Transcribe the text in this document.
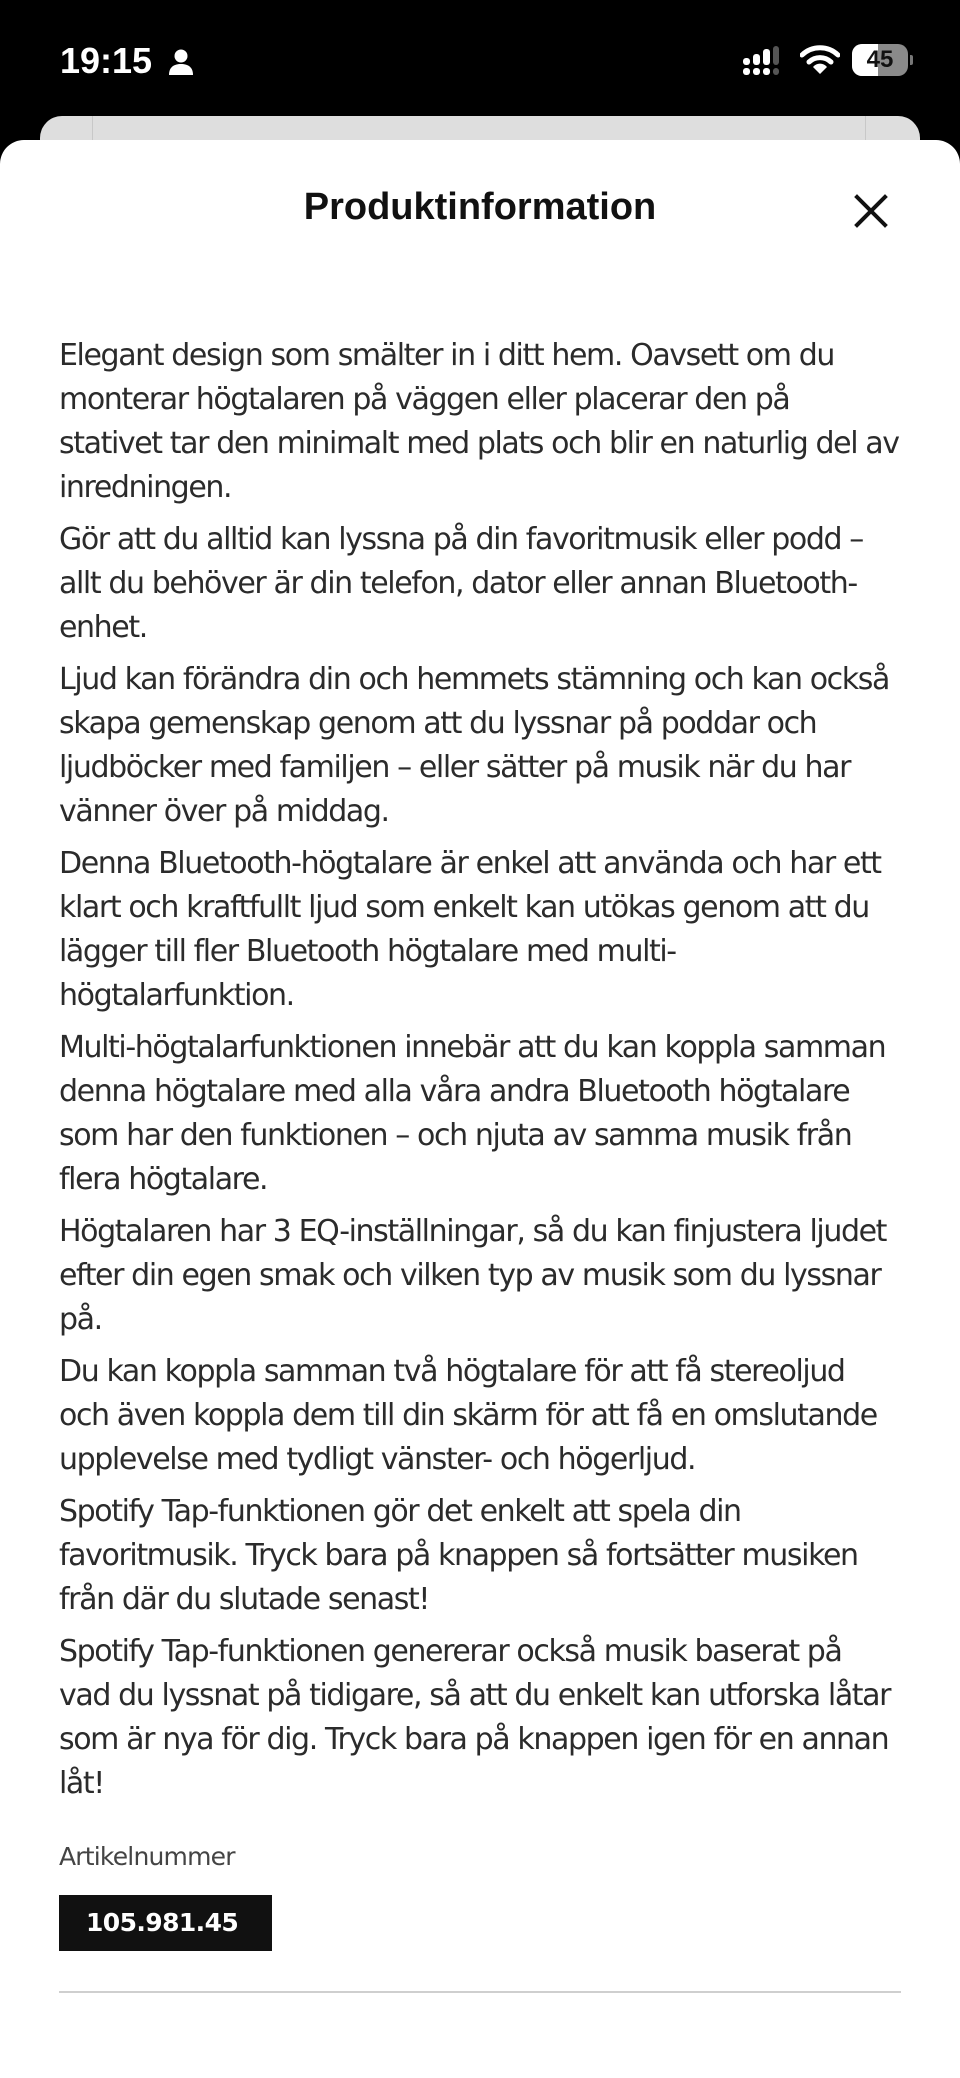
19:15	45
Produktinformation

Elegant design som smälter in i ditt hem. Oavsett om du monterar högtalaren på väggen eller placerar den på stativet tar den minimalt med plats och blir en naturlig del av inredningen.

Gör att du alltid kan lyssna på din favoritmusik eller podd – allt du behöver är din telefon, dator eller annan Bluetooth-enhet.

Ljud kan förändra din och hemmets stämning och kan också skapa gemenskap genom att du lyssnar på poddar och ljudböcker med familjen – eller sätter på musik när du har vänner över på middag.

Denna Bluetooth-högtalare är enkel att använda och har ett klart och kraftfullt ljud som enkelt kan utökas genom att du lägger till fler Bluetooth högtalare med multi-högtalarfunktion.

Multi-högtalarfunktionen innebär att du kan koppla samman denna högtalare med alla våra andra Bluetooth högtalare som har den funktionen – och njuta av samma musik från flera högtalare.

Högtalaren har 3 EQ-inställningar, så du kan finjustera ljudet efter din egen smak och vilken typ av musik som du lyssnar på.

Du kan koppla samman två högtalare för att få stereoljud och även koppla dem till din skärm för att få en omslutande upplevelse med tydligt vänster- och högerljud.

Spotify Tap-funktionen gör det enkelt att spela din favoritmusik. Tryck bara på knappen så fortsätter musiken från där du slutade senast!

Spotify Tap-funktionen genererar också musik baserat på vad du lyssnat på tidigare, så att du enkelt kan utforska låtar som är nya för dig. Tryck bara på knappen igen för en annan låt!

Artikelnummer
105.981.45
